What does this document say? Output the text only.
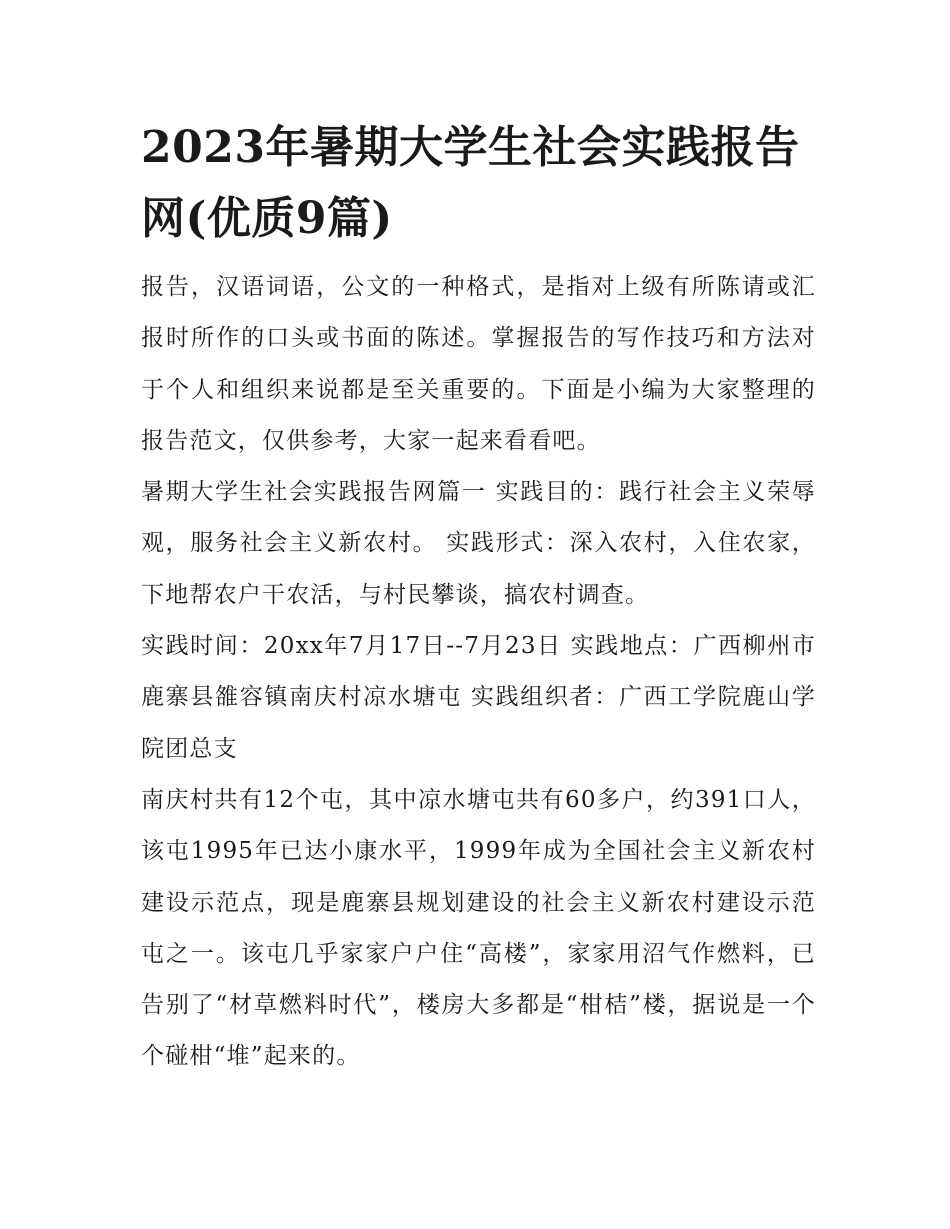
2023年暑期大学生社会实践报告网(优质9篇)

报告，汉语词语，公文的一种格式，是指对上级有所陈请或汇报时所作的口头或书面的陈述。掌握报告的写作技巧和方法对于个人和组织来说都是至关重要的。下面是小编为大家整理的报告范文，仅供参考，大家一起来看看吧。

暑期大学生社会实践报告网篇一 实践目的：践行社会主义荣辱观，服务社会主义新农村。 实践形式：深入农村，入住农家，下地帮农户干农活，与村民攀谈，搞农村调查。

实践时间：20xx年7月17日--7月23日 实践地点：广西柳州市鹿寨县雒容镇南庆村凉水塘屯 实践组织者：广西工学院鹿山学院团总支

南庆村共有12个屯，其中凉水塘屯共有60多户，约391口人，该屯1995年已达小康水平，1999年成为全国社会主义新农村建设示范点，现是鹿寨县规划建设的社会主义新农村建设示范屯之一。该屯几乎家家户户住“高楼”，家家用沼气作燃料，已告别了“材草燃料时代”，楼房大多都是“柑桔”楼，据说是一个个碰柑“堆”起来的。
